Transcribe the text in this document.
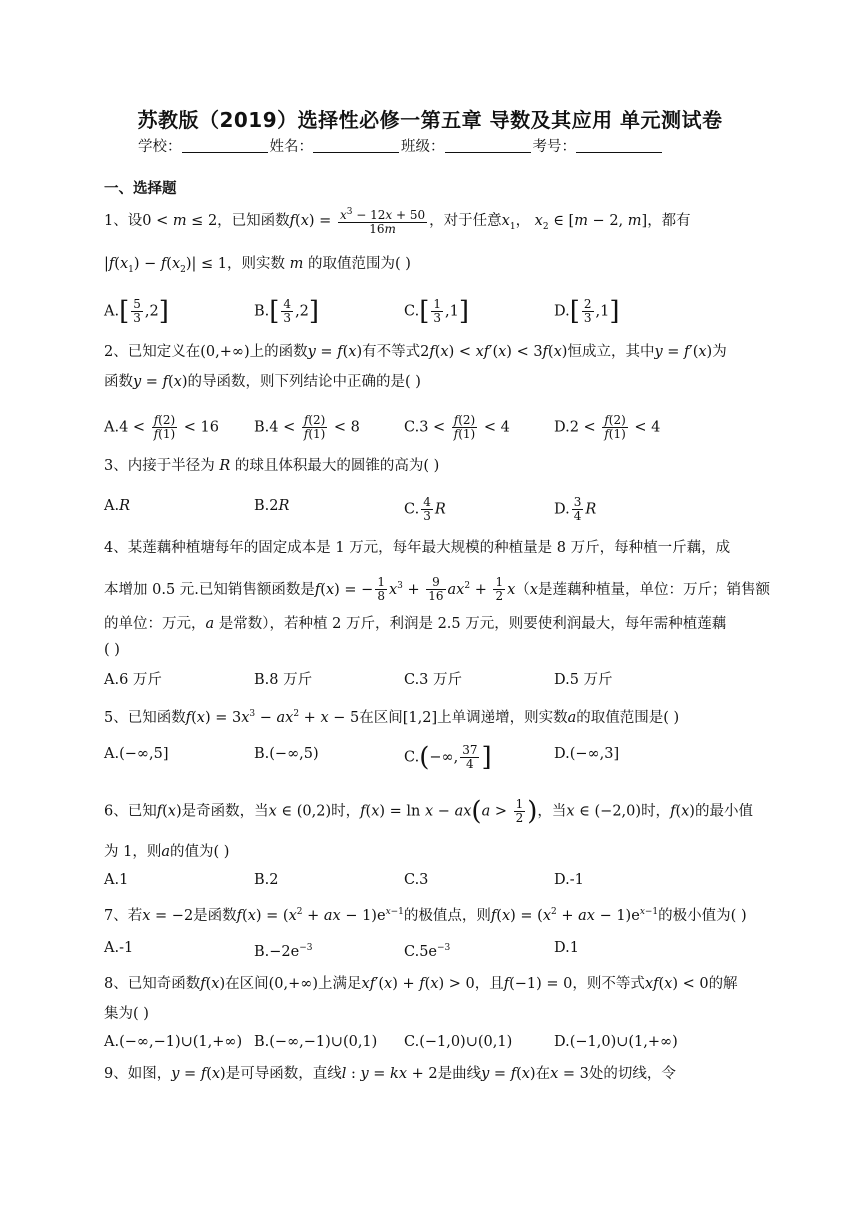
苏教版（2019）选择性必修一第五章 导数及其应用 单元测试卷
学校：	姓名：	班级：	考号：
一、选择题
1、设0 < m ≤ 2，已知函数$f(x) = \frac{x^3 - 12x + 50}{16m}$ ，对于任意$x_1$， $x_2$ ∈ [m − 2, m]，都有
$|f(x_1) - f(x_2)| \le 1$，则实数 m 的取值范围为( )
$A.[ \frac{5}{3} ,2]$	$B.[ \frac{4}{3} ,2]$	$C.[ \frac{1}{3} ,1]$	$D.[ \frac{2}{3} ,1]$
2、已知定义在(0,+∞)上的函数y = f(x)有不等式2f(x) < xf′(x) < 3f(x)恒成立，其中y = f′(x)为
函数y = f(x)的导函数，则下列结论中正确的是( )
$A.4 < \frac{f(2)}{f(1)} < 16$ $B.4 < \frac{f(2)}{f(1)} < 8$	$C.3 < \frac{f(2)}{f(1)} < 4$	$D.2 < \frac{f(2)}{f(1)} < 4$
3、内接于半径为 R 的球且体积最大的圆锥的高为( )
A.R	B.2R	C. $\frac{4}{3}$ R	D. $\frac{3}{4}$ R
4、某莲藕种植塘每年的固定成本是 1 万元，每年最大规模的种植量是 8 万斤，每种植一斤藕，成
本增加 0.5 元.已知销售额函数是f(x) = − $\frac{1}{8} x^3 + \frac{9}{16} ax^2 + \frac{1}{2} x(x$是莲藕种植量，单位：万斤；销售额
的单位：万元，a 是常数），若种植 2 万斤，利润是 2.5 万元，则要使利润最大，每年需种植莲藕
( )
A.6 万斤	B.8 万斤	C.3 万斤	D.5 万斤
5、已知函数$f(x) = 3x^3 - ax^2 + x - 5$在区间[1,2]上单调递增，则实数a的取值范围是( )
A.(−∞,5]	B.(−∞,5)	C.(−∞, $\frac{37}{4}$ ]	D.(−∞,3]
6、已知f(x)是奇函数，当x ∈ (0,2)时，$f(x) = \ln x - ax(a > \frac{1}{2}$ )，当x ∈ (−2,0)时，f(x)的最小值
为 1，则a的值为( )
A.1	B.2	C.3	D.-1
7、若x = −2是函数$f(x) = (x^2$ + ax − $1)e^{x-1}$的极值点，则$f(x) = (x^2$ + ax − $1)e^{x-1}$的极小值为( )
A.-1	$B.-2e^{-3}$	$C.5e^{-3}$	D.1
8、已知奇函数f(x)在区间(0,+∞)上满足xf′(x) + f(x) > 0，且f(−1) = 0，则不等式xf(x) < 0的解
集为( )
A.(−∞,−1)∪(1,+∞) B.(−∞,−1)∪(0,1) C.(−1,0)∪(0,1)	D.(−1,0)∪(1,+∞)
9、如图，y = f(x)是可导函数，直线l : y = kx + 2是曲线y = f(x)在x = 3处的切线，令
